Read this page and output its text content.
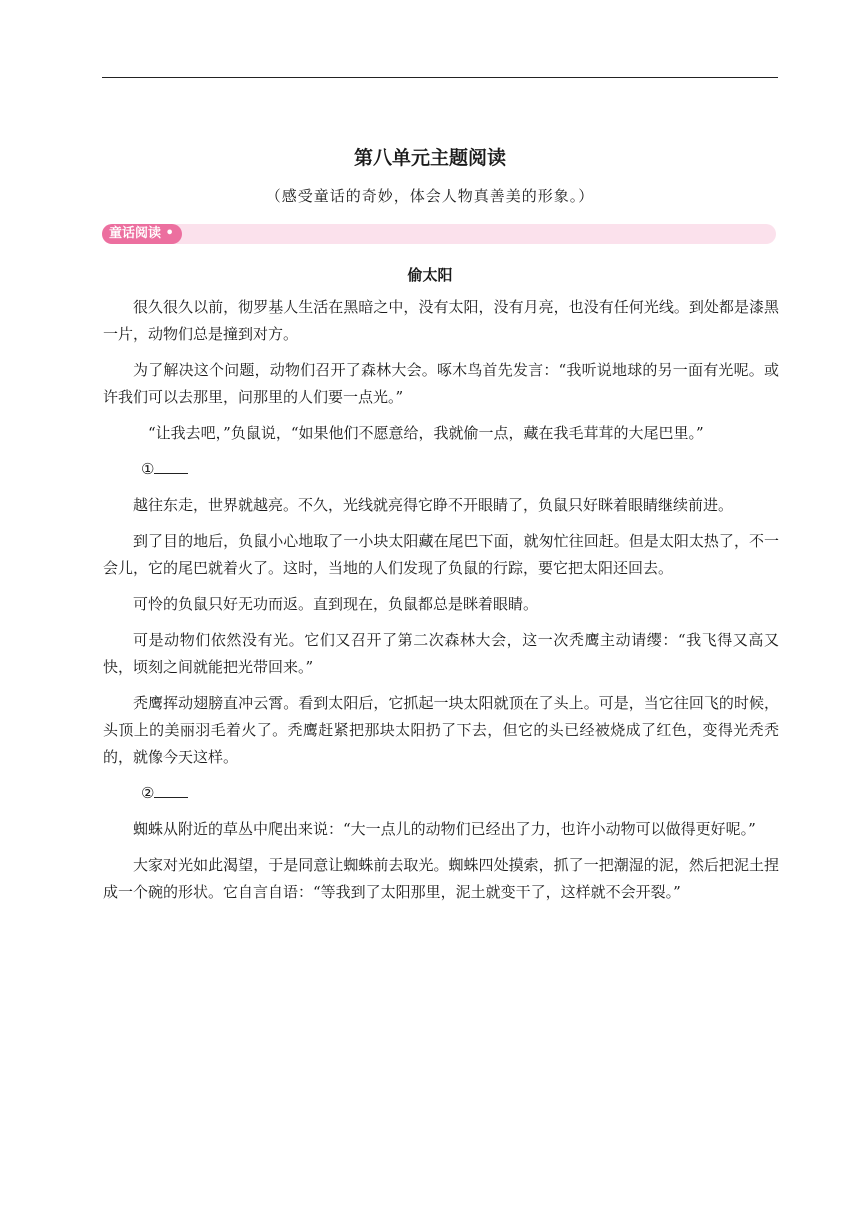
第八单元主题阅读
（感受童话的奇妙，体会人物真善美的形象。）
童话阅读 •
偷太阳

很久很久以前，彻罗基人生活在黑暗之中，没有太阳，没有月亮，也没有任何光线。到处都是漆黑一片，动物们总是撞到对方。

为了解决这个问题，动物们召开了森林大会。啄木鸟首先发言：“我听说地球的另一面有光呢。或许我们可以去那里，问那里的人们要一点光。”

“让我去吧，”负鼠说，“如果他们不愿意给，我就偷一点，藏在我毛茸茸的大尾巴里。”

①

越往东走，世界就越亮。不久，光线就亮得它睁不开眼睛了，负鼠只好眯着眼睛继续前进。

到了目的地后，负鼠小心地取了一小块太阳藏在尾巴下面，就匆忙往回赶。但是太阳太热了，不一会儿，它的尾巴就着火了。这时，当地的人们发现了负鼠的行踪，要它把太阳还回去。

可怜的负鼠只好无功而返。直到现在，负鼠都总是眯着眼睛。

可是动物们依然没有光。它们又召开了第二次森林大会，这一次秃鹰主动请缨：“我飞得又高又快，顷刻之间就能把光带回来。”

秃鹰挥动翅膀直冲云霄。看到太阳后，它抓起一块太阳就顶在了头上。可是，当它往回飞的时候，头顶上的美丽羽毛着火了。秃鹰赶紧把那块太阳扔了下去，但它的头已经被烧成了红色，变得光秃秃的，就像今天这样。

②

蜘蛛从附近的草丛中爬出来说：“大一点儿的动物们已经出了力，也许小动物可以做得更好呢。”

大家对光如此渴望，于是同意让蜘蛛前去取光。蜘蛛四处摸索，抓了一把潮湿的泥，然后把泥土捏成一个碗的形状。它自言自语：“等我到了太阳那里，泥土就变干了，这样就不会开裂。”
